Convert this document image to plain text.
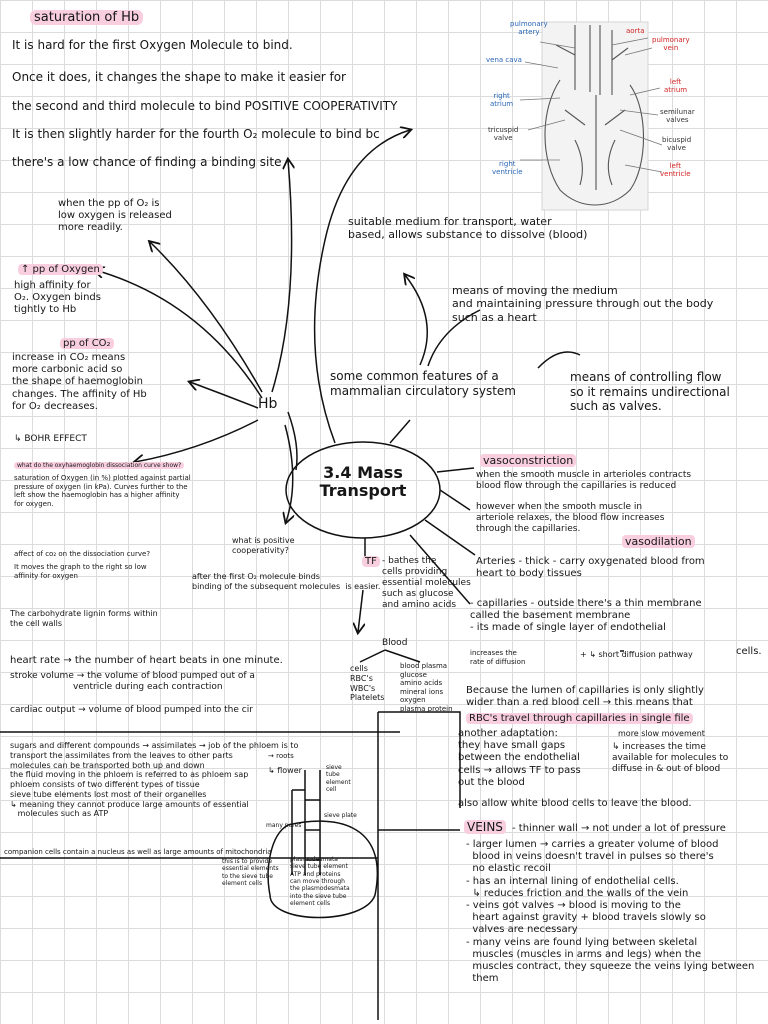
saturation of Hb
It is hard for the first Oxygen Molecule to bind.
Once it does, it changes the shape to make it easier for
the second and third molecule to bind POSITIVE COOPERATIVITY
It is then slightly harder for the fourth O₂ molecule to bind bc
there's a low chance of finding a binding site
pulmonary
artery	aorta
pulmonary
vein
vena cava
left
atrium
right
atrium
semilunar
valves
tricuspid
valve	bicuspid
valve
right
ventricle
left
ventricle
when the pp of O₂ is
low oxygen is released
more readily.
↑ pp of Oxygen
high affinity for
O₂. Oxygen binds
tightly to Hb
pp of CO₂
increase in CO₂ means
more carbonic acid so
the shape of haemoglobin
changes. The affinity of Hb
for O₂ decreases.
↳ BOHR EFFECT
what do the oxyhaemoglobin dissociation curve show?
saturation of Oxygen (in %) plotted against partial
pressure of oxygen (in kPa). Curves further to the
left show the haemoglobin has a higher affinity
for oxygen.
affect of co₂ on the dissociation curve?
It moves the graph to the right so low
affinity for oxygen
The carbohydrate lignin forms within
the cell walls
what is positive
cooperativity?
after the first O₂ molecule binds
binding of the subsequent molecules  is easier.
Hb
3.4 Mass
Transport
suitable medium for transport, water
based, allows substance to dissolve (blood)
some common features of a
mammalian circulatory system
means of moving the medium
and maintaining pressure through out the body
such as a heart
means of controlling flow
so it remains undirectional
such as valves.
vasoconstriction
when the smooth muscle in arterioles contracts
blood flow through the capillaries is reduced
however when the smooth muscle in
arteriole relaxes, the blood flow increases
through the capillaries.
vasodilation
Arteries - thick - carry oxygenated blood from
heart to body tissues
- capillaries - outside there's a thin membrane
called the basement membrane
- its made of single layer of endothelial
cells.
increases the
rate of diffusion
+ ↳ short diffusion pathway
TF - bathes the
cells providing
essential molecules
such as glucose
and amino acids
Blood
cells
RBC's
WBC's
Platelets
blood plasma
glucose
amino acids
mineral ions
oxygen
plasma protein
heart rate → the number of heart beats in one minute.
stroke volume → the volume of blood pumped out of a
ventricle during each contraction
cardiac output → volume of blood pumped into the cir
Because the lumen of capillaries is only slightly
wider than a red blood cell → this means that
RBC's travel through capillaries in single file
more slow movement
↳ increases the time
available for molecules to
diffuse in & out of blood
another adaptation:
they have small gaps
between the endothelial
cells → allows TF to pass
out the blood
also allow white blood cells to leave the blood.
sugars and different compounds → assimilates → job of the phloem is to
transport the assimilates from the leaves to other parts
molecules can be transported both up and down
the fluid moving in the phloem is referred to as phloem sap
phloem consists of two different types of tissue
sieve tube elements lost most of their organelles
↳ meaning they cannot produce large amounts of essential
molecules such as ATP
→ roots
↳ flower	sieve
tube
element
cell
sieve plate
many pores
companion cells contain a nucleus as well as large amounts of mitochondria
this is to provide
essential elements
to the sieve tube
element cells
plasmodesmata
sieve tube element
ATP and proteins
can move through
the plasmodesmata
into the sieve tube
element cells
VEINS - thinner wall → not under a lot of pressure
- larger lumen → carries a greater volume of blood
blood in veins doesn't travel in pulses so there's
no elastic recoil
- has an internal lining of endothelial cells.
↳ reduces friction and the walls of the vein
- veins got valves → blood is moving to the
heart against gravity + blood travels slowly so
valves are necessary
- many veins are found lying between skeletal
muscles (muscles in arms and legs) when the
muscles contract, they squeeze the veins lying between
them
